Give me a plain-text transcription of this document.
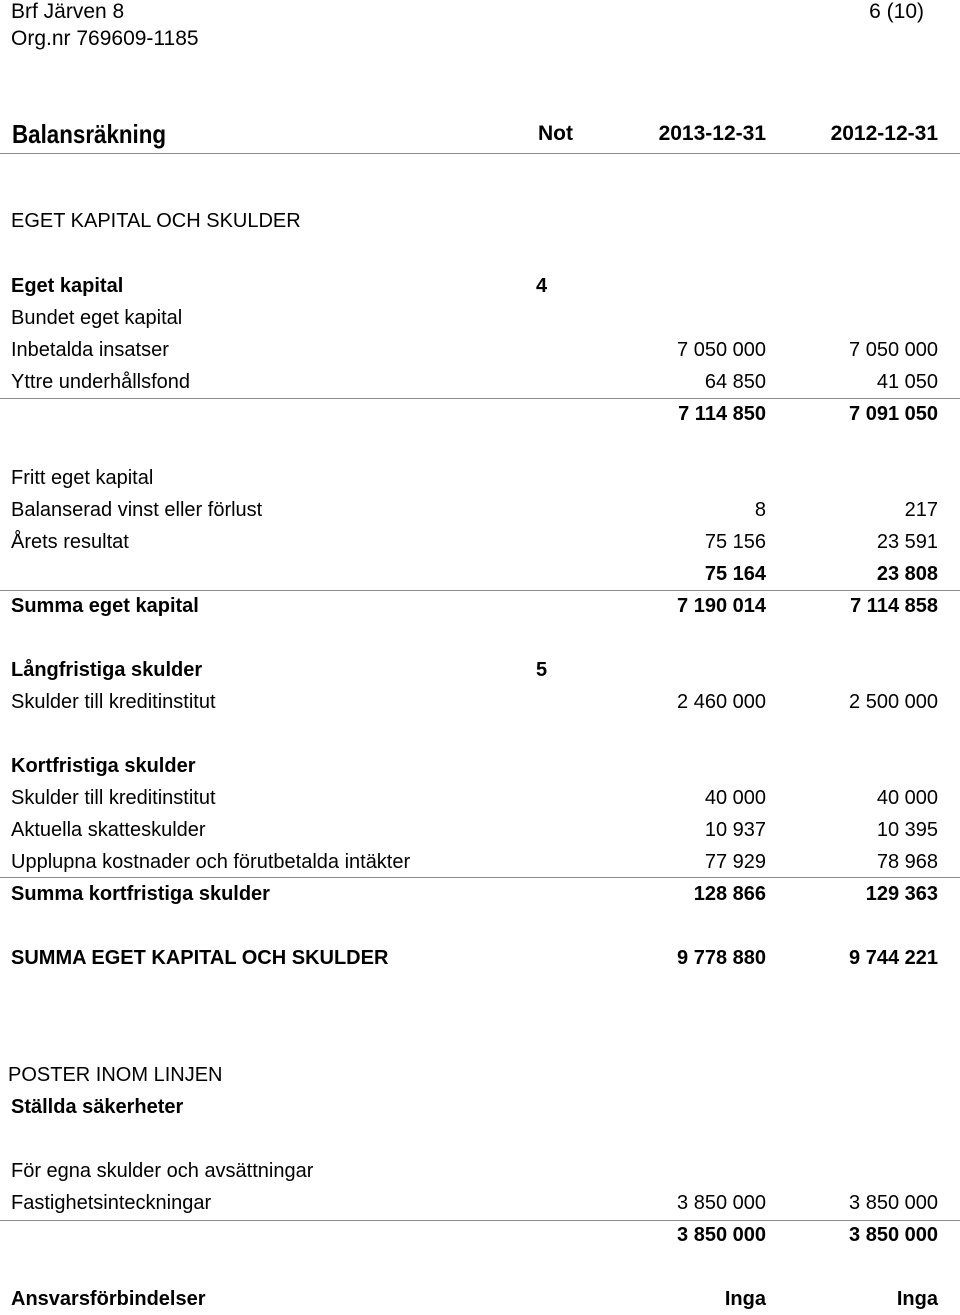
Brf Järven 8
Org.nr 769609-1185
6 (10)
Balansräkning	Not	2013-12-31	2012-12-31
EGET KAPITAL OCH SKULDER
Eget kapital	4
Bundet eget kapital
Inbetalda insatser	7 050 000	7 050 000
Yttre underhållsfond	64 850	41 050
7 114 850	7 091 050
Fritt eget kapital
Balanserad vinst eller förlust	8	217
Årets resultat	75 156	23 591
75 164	23 808
Summa eget kapital	7 190 014	7 114 858
Långfristiga skulder	5
Skulder till kreditinstitut	2 460 000	2 500 000
Kortfristiga skulder
Skulder till kreditinstitut	40 000	40 000
Aktuella skatteskulder	10 937	10 395
Upplupna kostnader och förutbetalda intäkter	77 929	78 968
Summa kortfristiga skulder	128 866	129 363
SUMMA EGET KAPITAL OCH SKULDER	9 778 880	9 744 221
POSTER INOM LINJEN
Ställda säkerheter
För egna skulder och avsättningar
Fastighetsinteckningar	3 850 000	3 850 000
3 850 000	3 850 000
Ansvarsförbindelser	Inga	Inga
